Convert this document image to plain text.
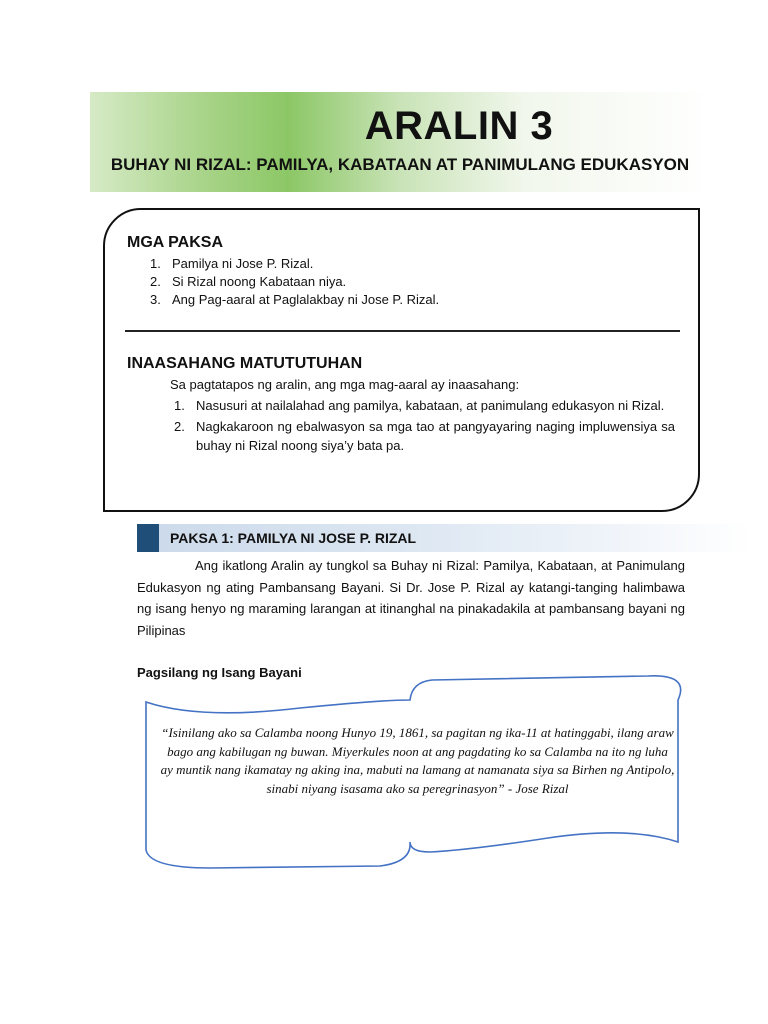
ARALIN 3
BUHAY NI RIZAL: PAMILYA, KABATAAN AT PANIMULANG EDUKASYON
MGA PAKSA
1. Pamilya ni Jose P. Rizal.
2. Si Rizal noong Kabataan niya.
3. Ang Pag-aaral at Paglalakbay ni Jose P. Rizal.
INAASAHANG MATUTUTUHAN
Sa pagtatapos ng aralin, ang mga mag-aaral ay inaasahang:
1. Nasusuri at nailalahad ang pamilya, kabataan, at panimulang edukasyon ni Rizal.
2. Nagkakaroon ng ebalwasyon sa mga tao at pangyayaring naging impluwensiya sa buhay ni Rizal noong siya’y bata pa.
PAKSA 1: PAMILYA NI JOSE P. RIZAL

Ang ikatlong Aralin ay tungkol sa Buhay ni Rizal: Pamilya, Kabataan, at Panimulang Edukasyon ng ating Pambansang Bayani. Si Dr. Jose P. Rizal ay katangi-tanging halimbawa ng isang henyo ng maraming larangan at itinanghal na pinakadakila at pambansang bayani ng Pilipinas

Pagsilang ng Isang Bayani

“Isinilang ako sa Calamba noong Hunyo 19, 1861, sa pagitan ng ika-11 at hatinggabi, ilang araw bago ang kabilugan ng buwan. Miyerkules noon at ang pagdating ko sa Calamba na ito ng luha ay muntik nang ikamatay ng aking ina, mabuti na lamang at namanata siya sa Birhen ng Antipolo, sinabi niyang isasama ako sa peregrinasyon” - Jose Rizal
